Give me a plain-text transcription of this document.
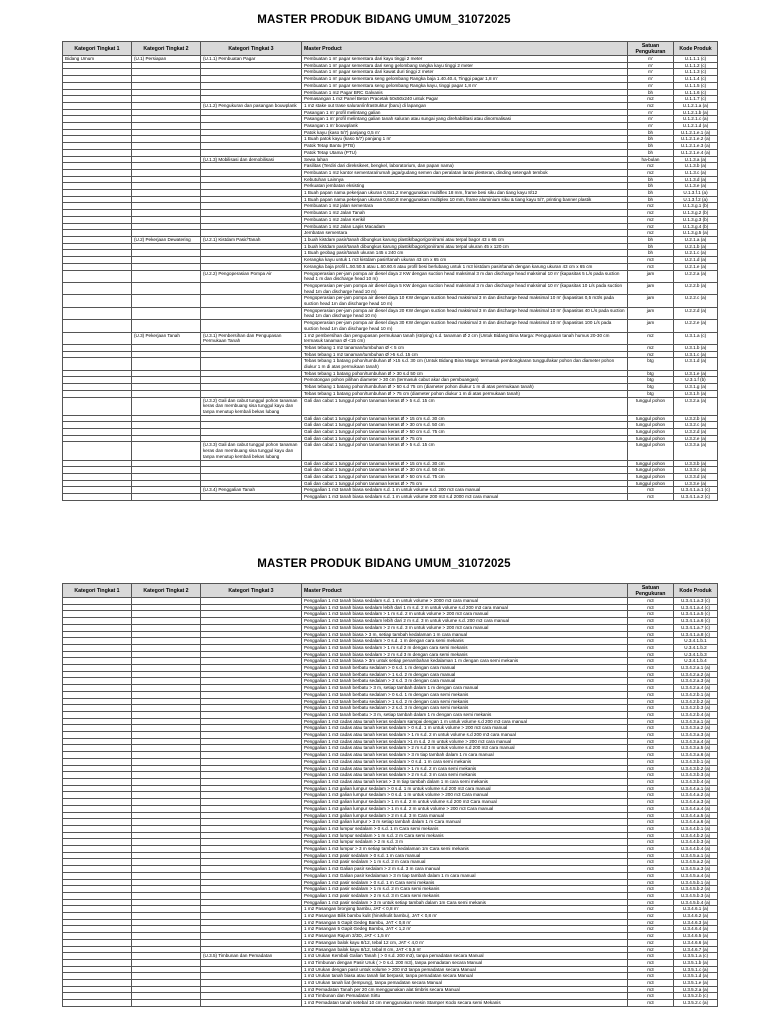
MASTER PRODUK BIDANG UMUM_31072025
Kategori Tingkat 1	Kategori Tingkat 2	Kategori Tingkat 3	Master Product	Satuan Pengukuran	Kode Produk
Bidang Umum	(U.1) Persiapan	(U.1.1) Pembuatan Pagar	Pembuatan 1 m' pagar sementara dari kayu tinggi 2 meter	m'	U.1.1.1 (c)
			Pembuatan 1 m' pagar sementara dari seng gelombang rangka kayu tinggi 2 meter	m'	U.1.1.2 (c)
			Pembuatan 1 m' pagar sementara dari kawat duri tinggi 2 meter	m'	U.1.1.3 (c)
			Pembuatan 1 m' pagar sementara seng gelombang Rangka baja 1.40.40.4, Tinggi pagar 1,8 m'	m'	U.1.1.4 (c)
			Pembuatan 1 m' pagar sementara seng gelombang Rangka kayu, tinggi pagar 1,8 m'	m'	U.1.1.5 (c)
			Pembuatan 1 m2 Pagar BRC Galvanis	bh	U.1.1.6 (c)
			Pemasangan 1 m2 Panel Beton Pracetak 50x50x240 untuk Pagar	m2	U.1.1.7 (c)
		(U.1.2) Pengukuran dan pasangan bouwplank	1 m2 stake out trase saluran/infrastruktur (baru) di lapangan	m2	U.1.2.1.a (a)
			Pasangan 1 m' profil melintang galian	m'	U.1.2.1.b (a)
			Pasangan 1 m' profil melintang galian tanah saluran atau sungai yang direhabilitasi atau dinormalisasi	m'	U.1.2.1.c (a)
			Pasangan 1 m' bouwplank	m'	U.1.2.1.d (a)
			Patok kayu (kaso 5/7) panjang 0,5 m'	bh	U.1.2.1.e.1 (a)
			1 Buah patok kayu (kaso 5/7) panjang 1 m'	bh	U.1.2.1.e.2 (a)
			Patok Tetap Bantu (PTB)	bh	U.1.2.1.e.3 (a)
			Patok Tetap Utama (PTU)	bh	U.1.2.1.e.4 (a)
		(U.1.3) Mobilisasi dan demobilisasi	Sewa lahan	ha-bulan	U.1.3.a (a)
			Fasilitas (Terdiri dari direksikeet, bengkel, laboratorium, dan papan nama)	m2	U.1.3.b (a)
			Pembuatan 1 m2 kantor sementara/rumah jaga/gudang semen dan peralatan lantai plesteran, dinding setengah tembok	m2	U.1.3.c (a)
			Kebutuhan Lainnya	bh	U.1.3.d (a)
			Perkuatan jembatan eksisting	bh	U.1.3.e (a)
			1 Buah papan nama pekerjaan ukuran 0,8x1,2 menggunakan multiflex 18 mm, frame besi siku dan tiang kayu 8/12	bh	U.1.3.f.1 (a)
			1 Buah papan nama pekerjaan ukuran 0,6x0,8 menggunakan multiplex 10 mm, frame aluminium siku & tiang kayu 5/7, printing banner plastik	bh	U.1.3.f.2 (a)
			Pembuatan 1 m2 jalan sementara	m2	U.1.3.g.1 (b)
			Pembuatan 1 m2 Jalan Tanah	m2	U.1.3.g.2 (b)
			Pembuatan 1 m2 Jalan Kerikil	m2	U.1.3.g.3 (b)
			Pembuatan 1 m2 Jalan Lapis Macadam	m2	U.1.3.g.4 (b)
			Jembatan sementara	m2	U.1.3.g.5 (a)
	(U.2) Pekerjaan Dewatering	(U.2.1) Kistdam Pasir/Tanah	1 buah kistdam pasir/tanah dibungkus karung plastik/bagor/goni/rami atau terpal bagor 43 x 65 cm	bh	U.2.1.a (a)
			1 buah kistdam pasir/tanah dibungkus karung plastik/bagor/goni/rami atau terpal ukuran 45 x 120 cm	bh	U.2.1.b (a)
			1 Buah geobag pasir/tanah ukuran 145 x 240 cm	bh	U.2.1.c (a)
			Kerangka kayu untuk 1 m3 kistdam pasir/tanah ukuran 43 cm x 65 cm	m3	U.2.1.d (a)
			Kerangka baja profil L.50.50.5 atau L.60.60.6 atau profil besi berlubang untuk 1 m3 kistdam pasir/tanah dengan karung ukuran 43 cm x 65 cm	m3	U.2.1.e (a)
		(U.2.2) Pengoperasian Pompa Air	Pengoperasian per-jam pompa air diesel daya 2 KW dengan suction head maksimal 3 m dan discharge head maksimal 10 m' (kapasitas 5 L/s pada suction head 1 m dan discharge head 10 m)	jam	U.2.2.a (a)
			Pengoperasian per-jam pompa air diesel daya 5 KW dengan suction head maksimal 3 m dan discharge head maksimal 10 m' (kapasitas 10 L/s pada suction head 1m dan discharge head 10 m)	jam	U.2.2.b (a)
			Pengoperasian per-jam pompa air diesel daya 10 KW dengan suction head maksimal 3 m dan discharge head maksimal 10 m' (kapasitas 0,5 m3/s pada suction head 1m dan discharge head 10 m)	jam	U.2.2.c (a)
			Pengoperasian per-jam pompa air diesel daya 20 KW dengan suction head maksimal 3 m dan discharge head maksimal 10 m' (kapasitas 40 L/s pada suction head 1m dan discharge head 10 m)	jam	U.2.2.d (a)
			Pengoperasian per-jam pompa air diesel daya 30 KW dengan suction head maksimal 3 m dan discharge head maksimal 10 m' (kapasitas 100 L/s pada suction head 1m dan discharge head 10 m)	jam	U.2.2.e (a)
	(U.3) Pekerjaan Tanah	(U.3.1) Pembersihan dan Pengupasan Permukaan Tanah	1 m2 pembersihan dan pengupasan permukaan tanah (striping) s.d. tanaman Ø 2 cm (Untuk Bidang Bina Marga: Pengupasan tanah humus 20-30 cm termasuk tanaman Ø <15 cm)	m2	U.3.1.a (c)
			Tebas tebang 1 m2 tanaman/tumbuhan Ø < 5 cm	m2	U.3.1.b (a)
			Tebas tebang 1 m2 tanaman/tumbuhan Ø >5 s.d. 15 cm	m2	U.3.1.c (a)
			Tebas tebang 1 batang pohon/tumbuhan Ø >15 s.d. 30 cm (Untuk Bidang Bina Marga: termasuk pembongkaran tunggul/akar pohon dan diameter pohon diukur 1 m di atas permukaan tanah)	btg	U.3.1.d (a)
			Tebas tebang 1 batang pohon/tumbuhan Ø > 30 s.d 50 cm	btg	U.3.1.e (a)
			Pemotongan pohon pilihan diameter > 30 cm (termasuk cabut akar dan pembuangan)	btg	U.3.1.f (b)
			Tebas tebang 1 batang pohon/tumbuhan Ø > 50 s.d 75 cm (diameter pohon diukur 1 m di atas permukaan tanah)	btg	U.3.1.g (a)
			Tebas tebang 1 batang pohon/tumbuhan Ø > 75 cm (diameter pohon diukur 1 m di atas permukaan tanah)	btg	U.3.1.h (a)
		(U.3.2) Gali dan cabut tunggul pohon tanaman keras dan membuang sisa tunggul kayu dan tanpa menutup kembali bekas lubang	Gali dan cabut 1 tunggul pohon tanaman keras Ø > 5 s.d. 15 cm	tunggul pohon	U.3.2.a (a)
			Gali dan cabut 1 tunggul pohon tanaman keras Ø > 15 cm s.d. 30 cm	tunggul pohon	U.3.2.b (a)
			Gali dan cabut 1 tunggul pohon tanaman keras Ø > 30 cm s.d. 50 cm	tunggul pohon	U.3.2.c (a)
			Gali dan cabut 1 tunggul pohon tanaman keras Ø > 50 cm s.d. 75 cm	tunggul pohon	U.3.2.d (a)
			Gali dan cabut 1 tunggul pohon tanaman keras Ø > 75 cm	tunggul pohon	U.3.2.e (a)
		(U.3.3) Gali dan cabut tunggul pohon tanaman keras dan membuang sisa tunggul kayu dan tanpa menutup kembali bekas lubang	Gali dan cabut 1 tunggul pohon tanaman keras Ø > 5 s.d. 15 cm	tunggul pohon	U.3.3.a (a)
			Gali dan cabut 1 tunggul pohon tanaman keras Ø > 15 cm s.d. 30 cm	tunggul pohon	U.3.3.b (a)
			Gali dan cabut 1 tunggul pohon tanaman keras Ø > 30 cm s.d. 50 cm	tunggul pohon	U.3.3.c (a)
			Gali dan cabut 1 tunggul pohon tanaman keras Ø > 50 cm s.d. 75 cm	tunggul pohon	U.3.3.d (a)
			Gali dan cabut 1 tunggul pohon tanaman keras Ø > 75 cm	tunggul pohon	U.3.3.e (a)
		(U.3.4) Penggalian Tanah	Penggalian 1 m3 tanah biasa sedalam s.d. 1 m untuk volume s.d. 200 m3 cara manual	m3	U.3.4.1.a.1 (c)
			Penggalian 1 m3 tanah biasa sedalam s.d. 1 m untuk volume 200 m3 s.d 2000 m3 cara manual	m3	U.3.4.1.a.2 (c)
MASTER PRODUK BIDANG UMUM_31072025
Kategori Tingkat 1	Kategori Tingkat 2	Kategori Tingkat 3	Master Product	Satuan Pengukuran	Kode Produk
			Penggalian 1 m3 tanah biasa sedalam s.d. 1 m untuk volume > 2000 m3 cara manual	m3	U.3.4.1.a.3 (c)
			Penggalian 1 m3 tanah biasa sedalam lebih dari 1 m s.d. 2 m untuk volume s.d 200 m3 cara manual	m3	U.3.4.1.a.4 (c)
			Penggalian 1 m3 tanah biasa sedalam > 1 m s.d. 2 m untuk volume > 200 m3 cara manual	m3	U.3.4.1.a.5 (c)
			Penggalian 1 m3 tanah biasa sedalam lebih dari 2 m s.d. 3 m untuk volume s.d. 200 m3 cara manual	m3	U.3.4.1.a.6 (c)
			Penggalian 1 m3 tanah biasa sedalam > 2 m s.d. 3 m untuk volume > 200 m3 cara manual	m3	U.3.4.1.a.7 (c)
			Penggalian 1 m3 tanah biasa > 3 m, setiap tambah kedalaman 1 m cara manual	m3	U.3.4.1.a.8 (c)
			Penggalian 1 m3 tanah biasa sedalam > 0 s.d. 1 m dengan cara semi mekanis	m3	U.3.4.1.b.1
			Penggalian 1 m3 tanah biasa sedalam > 1 m s.d 2 m dengan cara semi mekanis	m3	U.3.4.1.b.2
			Penggalian 1 m3 tanah biasa sedalam > 2 m s.d 3 m dengan cara semi mekanis	m3	U.3.4.1.b.3
			Penggalian 1 m3 tanah biasa > 3m untuk setiap penambahan kedalaman 1 m dengan cara semi mekanis	m3	U.3.4.1.b.4
			Penggalian 1 m3 tanah berbatu sedalam > 0 s.d. 1 m dengan cara manual	m3	U.3.4.2.a.1 (a)
			Penggalian 1 m3 tanah berbatu sedalam > 1 s.d. 2 m dengan cara manual	m3	U.3.4.2.a.2 (a)
			Penggalian 1 m3 tanah berbatu sedalam > 2 s.d. 3 m dengan cara manual	m3	U.3.4.2.a.3 (a)
			Penggalian 1 m3 tanah berbatu > 3 m, setiap tambah dalam 1 m dengan cara manual	m3	U.3.4.2.a.4 (a)
			Penggalian 1 m3 tanah berbatu sedalam > 0 s.d. 1 m dengan cara semi mekanis	m3	U.3.4.2.b.1 (a)
			Penggalian 1 m3 tanah berbatu sedalam > 1 s.d. 2 m dengan cara semi mekanis	m3	U.3.4.2.b.2 (a)
			Penggalian 1 m3 tanah berbatu sedalam > 2 s.d. 3 m dengan cara semi mekanis	m3	U.3.4.2.b.3 (a)
			Penggalian 1 m3 tanah berbatu > 3 m, setiap tambah dalam 1 m dengan cara semi mekanis	m3	U.3.4.2.b.4 (a)
			Penggalian 1 m3 cadas atau tanah keras sedalam sampai dengan 1 m untuk volume s.d 200 m3 cara manual	m3	U.3.4.3.a.1 (a)
			Penggalian 1 m3 cadas atau tanah keras sedalam > 0 s.d. 1 m untuk volume > 200 m3 cara manual	m3	U.3.4.3.a.2 (a)
			Penggalian 1 m3 cadas atau tanah keras sedalam > 1 m s.d. 2 m untuk volume s.d 200 m3 cara manual	m3	U.3.4.3.a.3 (a)
			Penggalian 1 m3 cadas atau tanah keras sedalam >1 m s.d. 2 m untuk volume > 200 m3 cara manual	m3	U.3.4.3.a.4 (a)
			Penggalian 1 m3 cadas atau tanah keras sedalam > 2 m s.d 3 m untuk volume s.d 200 m3 cara manual	m3	U.3.4.3.a.5 (a)
			Penggalian 1 m3 cadas atau tanah keras sedalam > 3 m tiap tambah dalam 1 m cara manual	m3	U.3.4.3.a.6 (a)
			Penggalian 1 m3 cadas atau tanah keras sedalam > 0 s.d. 1 m cara semi mekanis	m3	U.3.4.3.b.1 (a)
			Penggalian 1 m3 cadas atau tanah keras sedalam > 1 m s.d. 2 m cara semi mekanis	m3	U.3.4.3.b.2 (a)
			Penggalian 1 m3 cadas atau tanah keras sedalam > 2 m s.d. 3 m cara semi mekanis	m3	U.3.4.3.b.3 (a)
			Penggalian 1 m3 cadas atau tanah keras > 3 m tiap tambah dalam 1 m cara semi mekanis	m3	U.3.4.3.b.4 (a)
			Penggalian 1 m3 galian lumpur sedalam > 0 s.d. 1 m untuk volume s.d 200 m3 cara manual	m3	U.3.4.4.a.1 (a)
			Penggalian 1 m3 galian lumpur sedalam > 0 s.d. 1 m untuk volume > 200 m3 Cara manual	m3	U.3.4.4.a.2 (a)
			Penggalian 1 m3 galian lumpur sedalam > 1 m s.d. 2 m untuk volume s.d 200 m3 Cara manual	m3	U.3.4.4.a.3 (a)
			Penggalian 1 m3 galian lumpur sedalam > 1 m s.d. 2 m untuk volume > 200 m3 Cara manual	m3	U.3.4.4.a.4 (a)
			Penggalian 1 m3 galian lumpur sedalam > 2 m s.d. 3 m Cara manual	m3	U.3.4.4.a.5 (a)
			Penggalian 1 m3 galian lumpur > 3 m setiap tambah dalam 1 m Cara manual	m3	U.3.4.4.a.6 (a)
			Penggalian 1 m3 lumpur sedalam > 0 s.d. 1 m Cara semi mekanis	m3	U.3.4.4.b.1 (a)
			Penggalian 1 m3 lumpur sedalam > 1 m s.d. 2 m Cara semi mekanis	m3	U.3.4.4.b.2 (a)
			Penggalian 1 m3 lumpur sedalam > 2 m s.d. 3 m	m3	U.3.4.4.b.3 (a)
			Penggalian 1 m3 lumpur > 3 m setiap tambah kedalaman 1m Cara semi mekanis	m3	U.3.4.4.b.4 (a)
			Penggalian 1 m3 pasir sedalam > 0 s.d. 1 m cara manual	m3	U.3.4.5.a.1 (a)
			Penggalian 1 m3 pasir sedalam > 1 m s.d. 2 m cara manual	m3	U.3.4.5.a.2 (a)
			Penggalian 1 m3 Galian pasir sedalam > 2 m s.d. 3 m cara manual	m3	U.3.4.5.a.3 (a)
			Penggalian 1 m3 Galian pasir kedalaman > 3 m tiap tambah dalam 1 m cara manual	m3	U.3.4.5.a.4 (a)
			Penggalian 1 m3 pasir sedalam > 0 s.d. 1 m Cara semi mekanis	m3	U.3.4.5.b.1 (a)
			Penggalian 1 m3 pasir sedalam > 1 m s.d. 2 m Cara semi mekanis	m3	U.3.4.5.b.2 (a)
			Penggalian 1 m3 pasir sedalam > 2 m s.d. 3 m Cara semi mekanis	m3	U.3.4.5.b.3 (a)
			Penggalian 1 m3 pasir sedalam > 3 m untuk setiap tambah dalam 1m Cara semi mekanis	m3	U.3.4.5.b.4 (a)
			1 m2 Pasangan bronjong bambu, JAT < 0,8 m'	m2	U.3.4.6.1 (a)
			1 m2 Pasangan Bilik bambu kulit (hinis/kulit bambu), JAT < 0,8 m'	m2	U.3.4.6.2 (a)
			1 m2 Pasangan 5 Gapit Gedeg Bambu, JAT < 0,8 m'	m2	U.3.4.6.3 (a)
			1 m2 Pasangan 5 Gapit Gedeg Bambu, JAT < 1,2 m'	m2	U.3.4.6.4 (a)
			1 m2 Pasangan Rajum 3/3D, JAT < 1,5 m'	m2	U.3.4.6.5 (a)
			1 m2 Pasangan balok kayu 8/12, tebal 12 cm, JAT < 4,0 m'	m2	U.3.4.6.6 (a)
			1 m2 Pasangan balok kayu 8/12, tebal 8 cm, JAT < 5,5 m'	m2	U.3.4.6.7 (a)
		(U.3.5) Timbunan dan Pemadatan	1 m3 Urukan Kembali Galian Tanah ( > 0 s.d. 200 m3), tanpa pemadatan secara Manual	m3	U.3.5.1.a (c)
			1 m3 Timbunan dengan Pasir Uruk ( > 0 s.d. 200 m3), tanpa pemadatan secara Manual	m3	U.3.5.1.b (a)
			1 m3 Urukan dengan pasir untuk volume > 200 m3 tanpa pemadatan secara Manual	m3	U.3.5.1.c (a)
			1 m3 Urukan tanah biasa atau tanah liat berpasir, tanpa pemadatan secara Manual	m3	U.3.5.1.d (a)
			1 m3 Urukan tanah liat (lempung), tanpa pemadatan secara Manual	m3	U.3.5.1.e (a)
			1 m3 Pemadatan Tanah per 20 cm menggunakan alat timbris secara Manual	m3	U.3.5.2.a (a)
			1 m3 Timbunan dan Pemadatan Sirtu	m3	U.3.5.2.b (c)
			1 m3 Pemadatan tanah setebal 10 cm menggunakan mesin Stamper Kodo secara semi Mekanis	m3	U.3.5.2.c (a)
